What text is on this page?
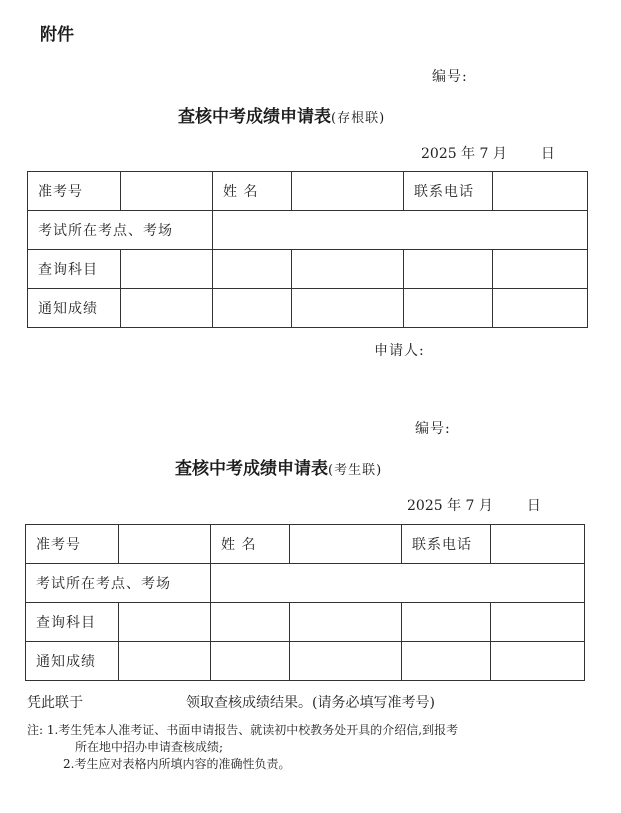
附件
编号:
查核中考成绩申请表(存根联)
2025 年 7 月 日
准考号		姓 名		联系电话	
考试所在考点、考场					
查询科目					
通知成绩					
申请人:
编号:
查核中考成绩申请表(考生联)
2025 年 7 月 日
准考号		姓 名		联系电话	
考试所在考点、考场					
查询科目					
通知成绩					
凭此联于	领取查核成绩结果。(请务必填写准考号)
注: 1.考生凭本人准考证、书面申请报告、就读初中校教务处开具的介绍信,到报考
所在地中招办申请查核成绩;
2.考生应对表格内所填内容的准确性负责。
